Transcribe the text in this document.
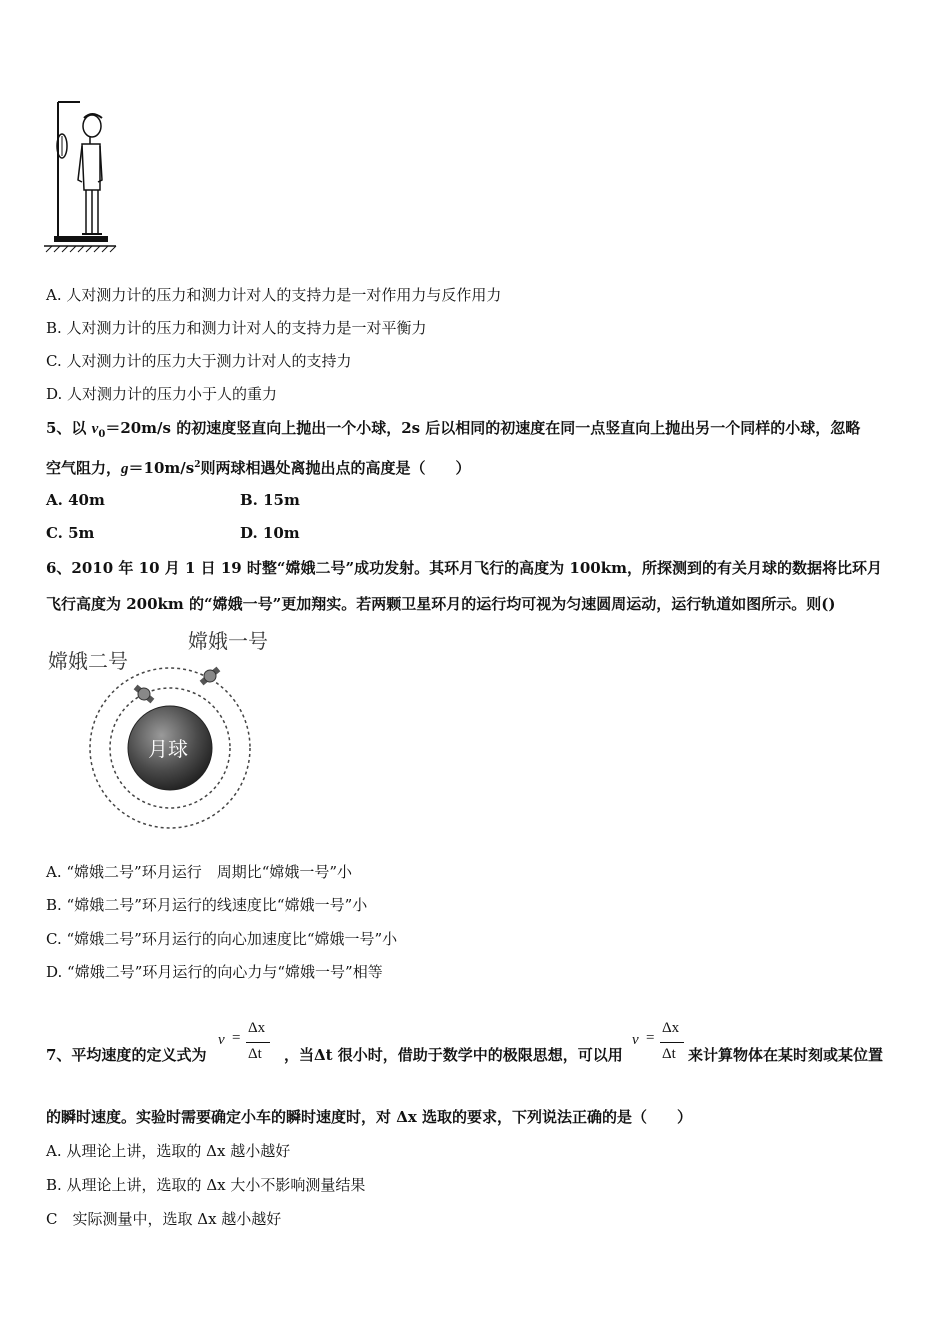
A. 人对测力计的压力和测力计对人的支持力是一对作用力与反作用力
B. 人对测力计的压力和测力计对人的支持力是一对平衡力
C. 人对测力计的压力大于测力计对人的支持力
D. 人对测力计的压力小于人的重力
5、以 $v_0=20m/s$ 的初速度竖直向上抛出一个小球，2s 后以相同的初速度在同一点竖直向上抛出另一个同样的小球，忽略
空气阻力，$g=10m/s^2$则两球相遇处离抛出点的高度是（　　）
A. 40m	B. 15m
C. 5m	D. 10m
6、2010 年 10 月 1 日 19 时整“嫦娥二号”成功发射。其环月飞行的高度为 100km，所探测到的有关月球的数据将比环月
飞行高度为 200km 的“嫦娥一号”更加翔实。若两颗卫星环月的运行均可视为匀速圆周运动，运行轨道如图所示。则()
月球
嫦娥一号
嫦娥二号
A. “嫦娥二号”环月运行　周期比“嫦娥一号”小
B. “嫦娥二号”环月运行的线速度比“嫦娥一号”小
C. “嫦娥二号”环月运行的向心加速度比“嫦娥一号”小
D. “嫦娥二号”环月运行的向心力与“嫦娥一号”相等
7、平均速度的定义式为
v =
Δx
Δt ，当Δt 很小时，借助于数学中的极限思想，可以用
v =
Δx
Δt 来计算物体在某时刻或某位置
的瞬时速度。实验时需要确定小车的瞬时速度时，对 Δx 选取的要求，下列说法正确的是（　　）
A. 从理论上讲，选取的 Δx 越小越好
B. 从理论上讲，选取的 Δx 大小不影响测量结果
C　实际测量中，选取 Δx 越小越好
